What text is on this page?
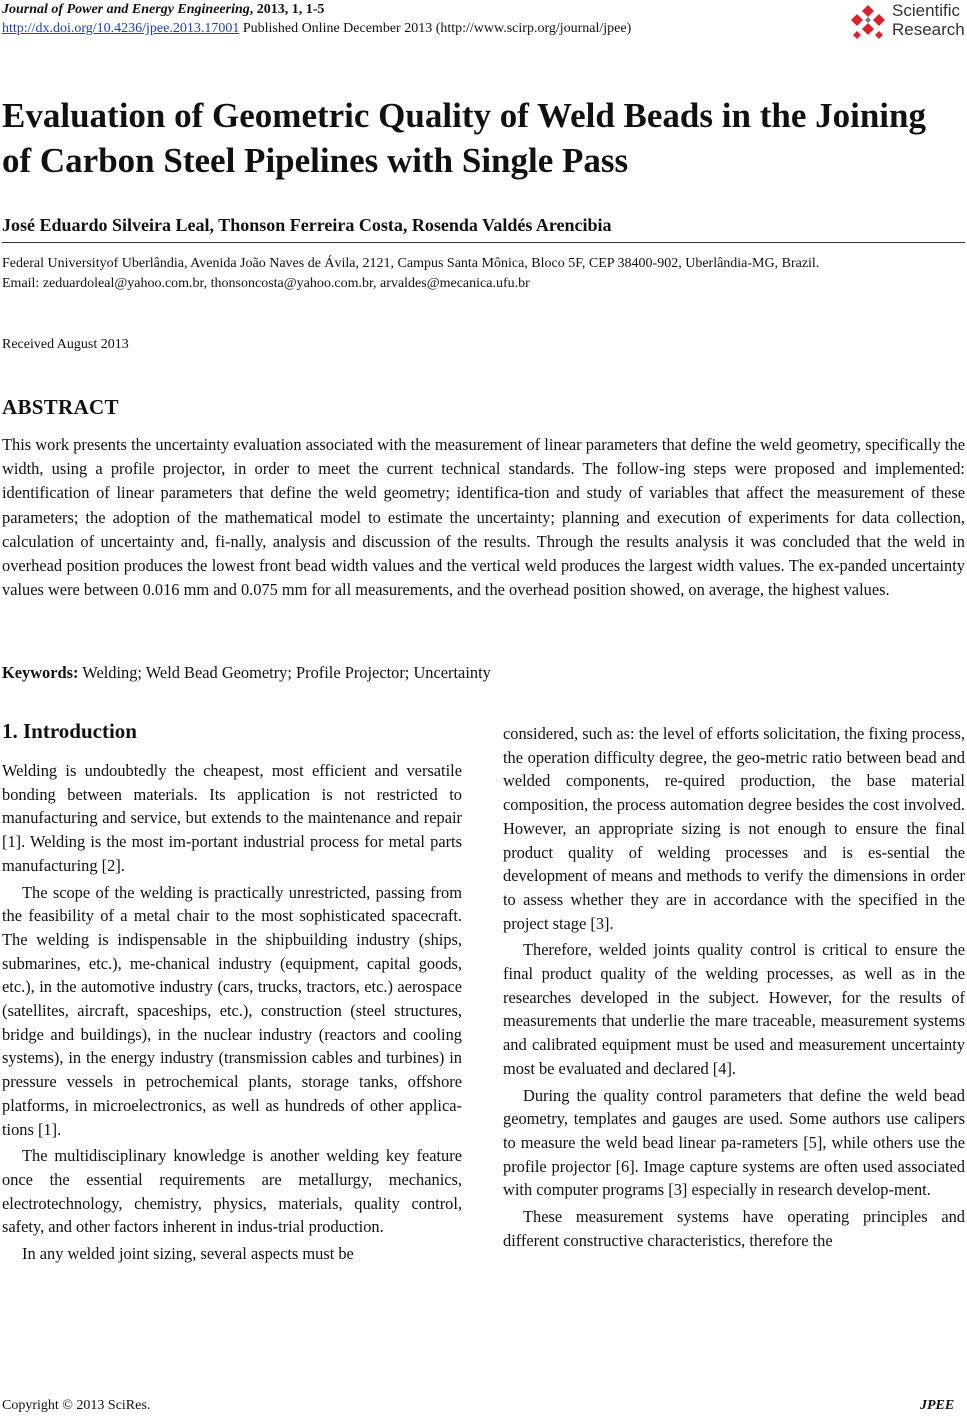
Journal of Power and Energy Engineering, 2013, 1, 1-5
http://dx.doi.org/10.4236/jpee.2013.17001 Published Online December 2013 (http://www.scirp.org/journal/jpee)
Scientific
Research
Evaluation of Geometric Quality of Weld Beads in the Joining of Carbon Steel Pipelines with Single Pass
José Eduardo Silveira Leal, Thonson Ferreira Costa, Rosenda Valdés Arencibia
Federal Universityof Uberlândia, Avenida João Naves de Ávila, 2121, Campus Santa Mônica, Bloco 5F, CEP 38400-902, Uberlândia-MG, Brazil.
Email: zeduardoleal@yahoo.com.br, thonsoncosta@yahoo.com.br, arvaldes@mecanica.ufu.br
Received August 2013
ABSTRACT
This work presents the uncertainty evaluation associated with the measurement of linear parameters that define the weld geometry, specifically the width, using a profile projector, in order to meet the current technical standards. The follow-ing steps were proposed and implemented: identification of linear parameters that define the weld geometry; identifica-tion and study of variables that affect the measurement of these parameters; the adoption of the mathematical model to estimate the uncertainty; planning and execution of experiments for data collection, calculation of uncertainty and, fi-nally, analysis and discussion of the results. Through the results analysis it was concluded that the weld in overhead position produces the lowest front bead width values and the vertical weld produces the largest width values. The ex-panded uncertainty values were between 0.016 mm and 0.075 mm for all measurements, and the overhead position showed, on average, the highest values.
Keywords: Welding; Weld Bead Geometry; Profile Projector; Uncertainty
1. Introduction

Welding is undoubtedly the cheapest, most efficient and versatile bonding between materials. Its application is not restricted to manufacturing and service, but extends to the maintenance and repair [1]. Welding is the most im-portant industrial process for metal parts manufacturing [2].

The scope of the welding is practically unrestricted, passing from the feasibility of a metal chair to the most sophisticated spacecraft. The welding is indispensable in the shipbuilding industry (ships, submarines, etc.), me-chanical industry (equipment, capital goods, etc.), in the automotive industry (cars, trucks, tractors, etc.) aerospace (satellites, aircraft, spaceships, etc.), construction (steel structures, bridge and buildings), in the nuclear industry (reactors and cooling systems), in the energy industry (transmission cables and turbines) in pressure vessels in petrochemical plants, storage tanks, offshore platforms, in microelectronics, as well as hundreds of other applica-tions [1].

The multidisciplinary knowledge is another welding key feature once the essential requirements are metallurgy, mechanics, electrotechnology, chemistry, physics, materials, quality control, safety, and other factors inherent in indus-trial production.

In any welded joint sizing, several aspects must be

considered, such as: the level of efforts solicitation, the fixing process, the operation difficulty degree, the geo-metric ratio between bead and welded components, re-quired production, the base material composition, the process automation degree besides the cost involved. However, an appropriate sizing is not enough to ensure the final product quality of welding processes and is es-sential the development of means and methods to verify the dimensions in order to assess whether they are in accordance with the specified in the project stage [3].

Therefore, welded joints quality control is critical to ensure the final product quality of the welding processes, as well as in the researches developed in the subject. However, for the results of measurements that underlie the mare traceable, measurement systems and calibrated equipment must be used and measurement uncertainty most be evaluated and declared [4].

During the quality control parameters that define the weld bead geometry, templates and gauges are used. Some authors use calipers to measure the weld bead linear pa-rameters [5], while others use the profile projector [6]. Image capture systems are often used associated with computer programs [3] especially in research develop-ment.

These measurement systems have operating principles and different constructive characteristics, therefore the

Copyright © 2013 SciRes.	JPEE
